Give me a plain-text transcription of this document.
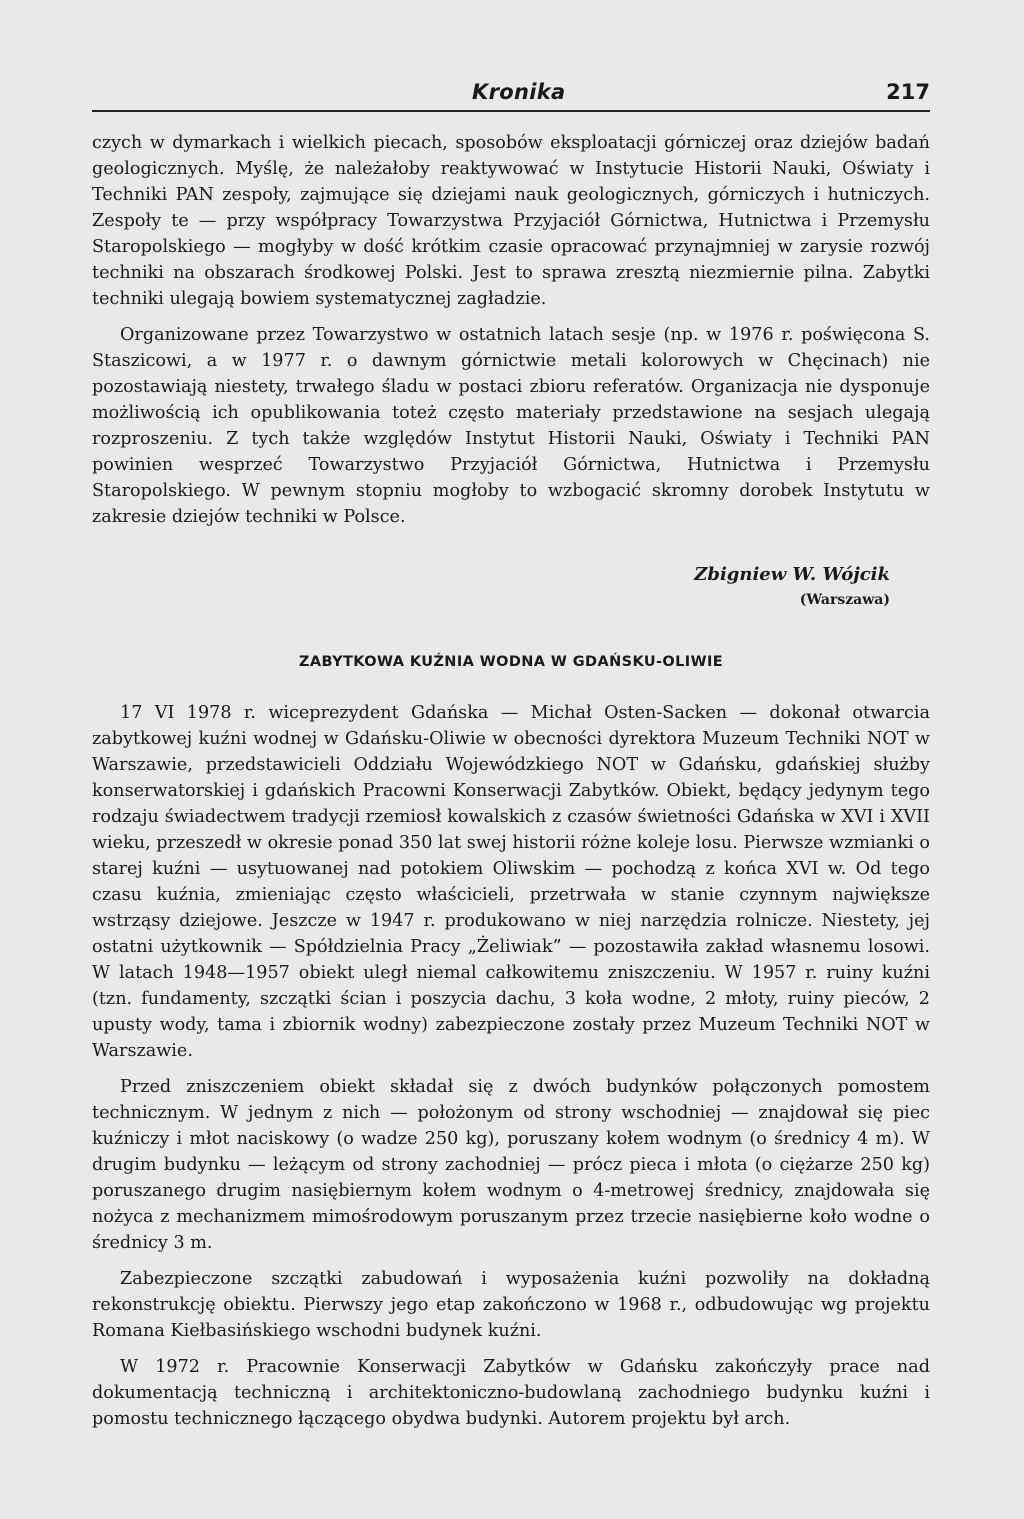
Kronika	217

czych w dymarkach i wielkich piecach, sposobów eksploatacji górniczej oraz dziejów badań geologicznych. Myślę, że należałoby reaktywować w Instytucie Historii Nauki, Oświaty i Techniki PAN zespoły, zajmujące się dziejami nauk geologicznych, górniczych i hutniczych. Zespoły te — przy współpracy Towarzystwa Przyjaciół Górnictwa, Hutnictwa i Przemysłu Staropolskiego — mogłyby w dość krótkim czasie opracować przynajmniej w zarysie rozwój techniki na obszarach środkowej Polski. Jest to sprawa zresztą niezmiernie pilna. Zabytki techniki ulegają bowiem systematycznej zagładzie.

Organizowane przez Towarzystwo w ostatnich latach sesje (np. w 1976 r. poświęcona S. Staszicowi, a w 1977 r. o dawnym górnictwie metali kolorowych w Chęcinach) nie pozostawiają niestety, trwałego śladu w postaci zbioru referatów. Organizacja nie dysponuje możliwością ich opublikowania toteż często materiały przedstawione na sesjach ulegają rozproszeniu. Z tych także względów Instytut Historii Nauki, Oświaty i Techniki PAN powinien wesprzeć Towarzystwo Przyjaciół Górnictwa, Hutnictwa i Przemysłu Staropolskiego. W pewnym stopniu mogłoby to wzbogacić skromny dorobek Instytutu w zakresie dziejów techniki w Polsce.

Zbigniew W. Wójcik
(Warszawa)
ZABYTKOWA KUŹNIA WODNA W GDAŃSKU-OLIWIE

17 VI 1978 r. wiceprezydent Gdańska — Michał Osten-Sacken — dokonał otwarcia zabytkowej kuźni wodnej w Gdańsku-Oliwie w obecności dyrektora Muzeum Techniki NOT w Warszawie, przedstawicieli Oddziału Wojewódzkiego NOT w Gdańsku, gdańskiej służby konserwatorskiej i gdańskich Pracowni Konserwacji Zabytków. Obiekt, będący jedynym tego rodzaju świadectwem tradycji rzemiosł kowalskich z czasów świetności Gdańska w XVI i XVII wieku, przeszedł w okresie ponad 350 lat swej historii różne koleje losu. Pierwsze wzmianki o starej kuźni — usytuowanej nad potokiem Oliwskim — pochodzą z końca XVI w. Od tego czasu kuźnia, zmieniając często właścicieli, przetrwała w stanie czynnym największe wstrząsy dziejowe. Jeszcze w 1947 r. produkowano w niej narzędzia rolnicze. Niestety, jej ostatni użytkownik — Spółdzielnia Pracy „Żeliwiak” — pozostawiła zakład własnemu losowi. W latach 1948—1957 obiekt uległ niemal całkowitemu zniszczeniu. W 1957 r. ruiny kuźni (tzn. fundamenty, szczątki ścian i poszycia dachu, 3 koła wodne, 2 młoty, ruiny pieców, 2 upusty wody, tama i zbiornik wodny) zabezpieczone zostały przez Muzeum Techniki NOT w Warszawie.

Przed zniszczeniem obiekt składał się z dwóch budynków połączonych pomostem technicznym. W jednym z nich — położonym od strony wschodniej — znajdował się piec kuźniczy i młot naciskowy (o wadze 250 kg), poruszany kołem wodnym (o średnicy 4 m). W drugim budynku — leżącym od strony zachodniej — prócz pieca i młota (o ciężarze 250 kg) poruszanego drugim nasiębiernym kołem wodnym o 4-metrowej średnicy, znajdowała się nożyca z mechanizmem mimośrodowym poruszanym przez trzecie nasiębierne koło wodne o średnicy 3 m.

Zabezpieczone szczątki zabudowań i wyposażenia kuźni pozwoliły na dokładną rekonstrukcję obiektu. Pierwszy jego etap zakończono w 1968 r., odbudowując wg projektu Romana Kiełbasińskiego wschodni budynek kuźni.

W 1972 r. Pracownie Konserwacji Zabytków w Gdańsku zakończyły prace nad dokumentacją techniczną i architektoniczno-budowlaną zachodniego budynku kuźni i pomostu technicznego łączącego obydwa budynki. Autorem projektu był arch.
